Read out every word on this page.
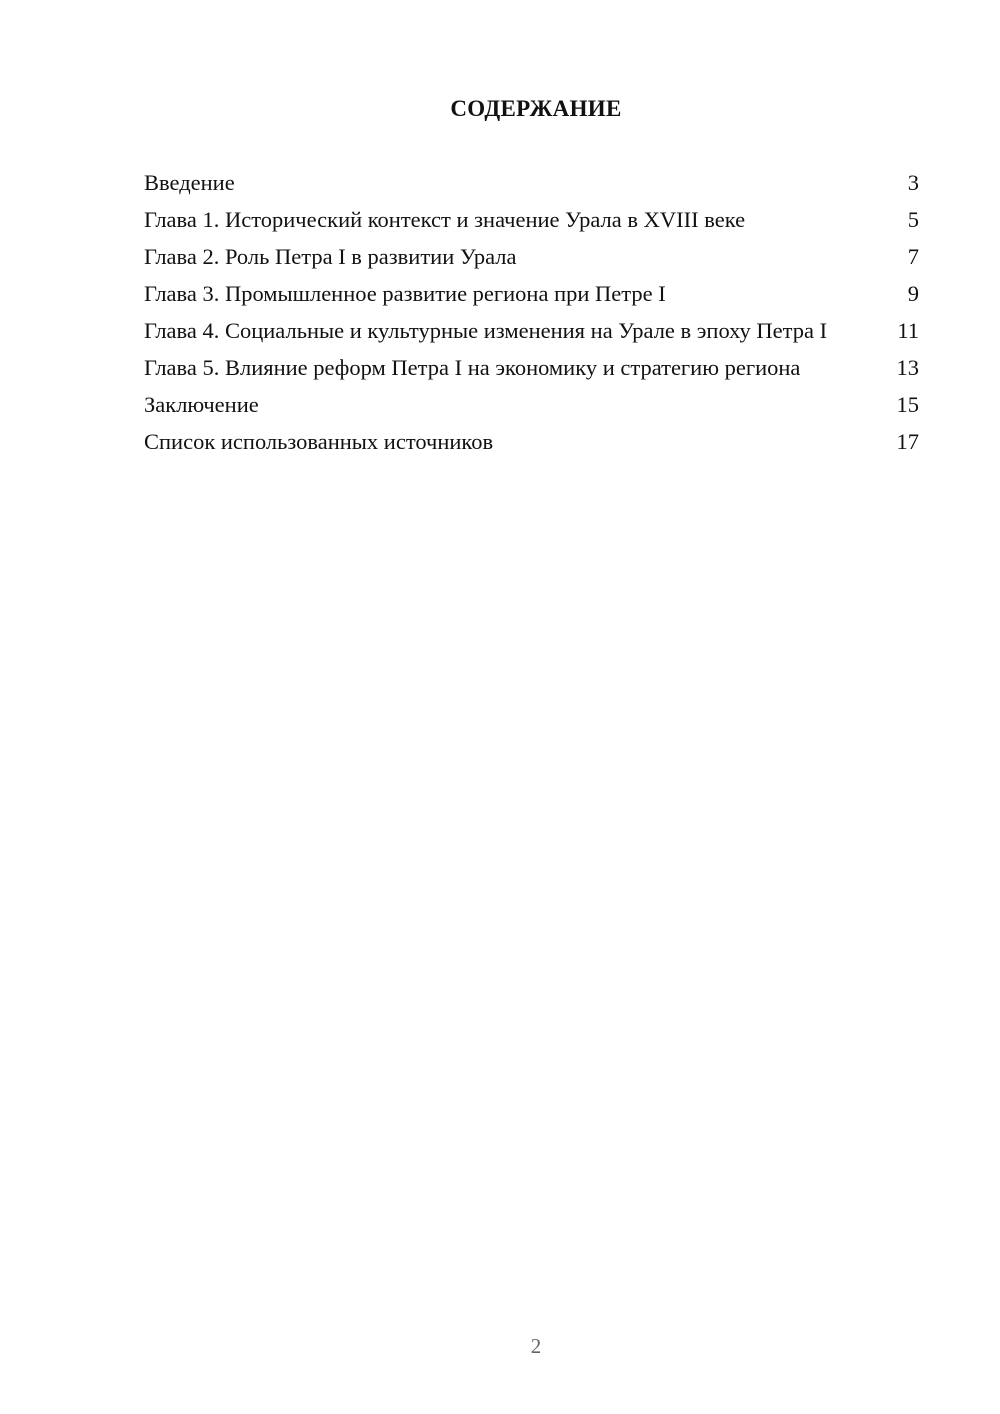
СОДЕРЖАНИЕ
Введение	3
Глава 1. Исторический контекст и значение Урала в XVIII веке	5
Глава 2. Роль Петра I в развитии Урала	7
Глава 3. Промышленное развитие региона при Петре I	9
Глава 4. Социальные и культурные изменения на Урале в эпоху Петра I	11
Глава 5. Влияние реформ Петра I на экономику и стратегию региона	13
Заключение	15
Список использованных источников	17
2
